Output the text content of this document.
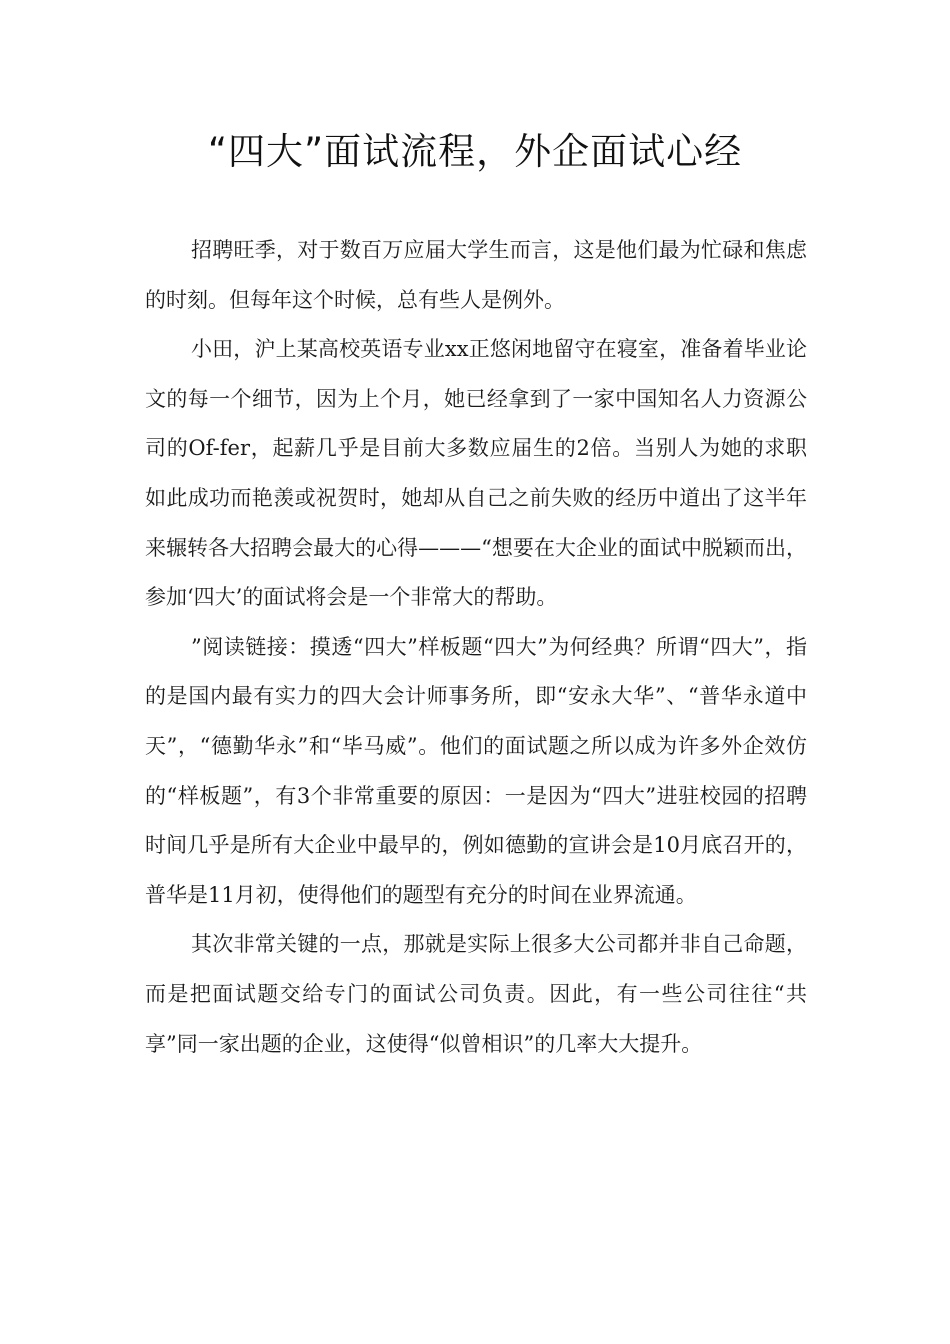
“四大”面试流程，外企面试心经

招聘旺季，对于数百万应届大学生而言，这是他们最为忙碌和焦虑的时刻。但每年这个时候，总有些人是例外。

小田，沪上某高校英语专业xx正悠闲地留守在寝室，准备着毕业论文的每一个细节，因为上个月，她已经拿到了一家中国知名人力资源公司的Of-fer，起薪几乎是目前大多数应届生的2倍。当别人为她的求职如此成功而艳羡或祝贺时，她却从自己之前失败的经历中道出了这半年来辗转各大招聘会最大的心得———“想要在大企业的面试中脱颖而出，参加‘四大’的面试将会是一个非常大的帮助。

”阅读链接：摸透“四大”样板题“四大”为何经典？所谓“四大”，指的是国内最有实力的四大会计师事务所，即“安永大华”、“普华永道中天”，“德勤华永”和“毕马威”。他们的面试题之所以成为许多外企效仿的“样板题”，有3个非常重要的原因：一是因为“四大”进驻校园的招聘时间几乎是所有大企业中最早的，例如德勤的宣讲会是10月底召开的，普华是11月初，使得他们的题型有充分的时间在业界流通。

其次非常关键的一点，那就是实际上很多大公司都并非自己命题，而是把面试题交给专门的面试公司负责。因此，有一些公司往往“共享”同一家出题的企业，这使得“似曾相识”的几率大大提升。
